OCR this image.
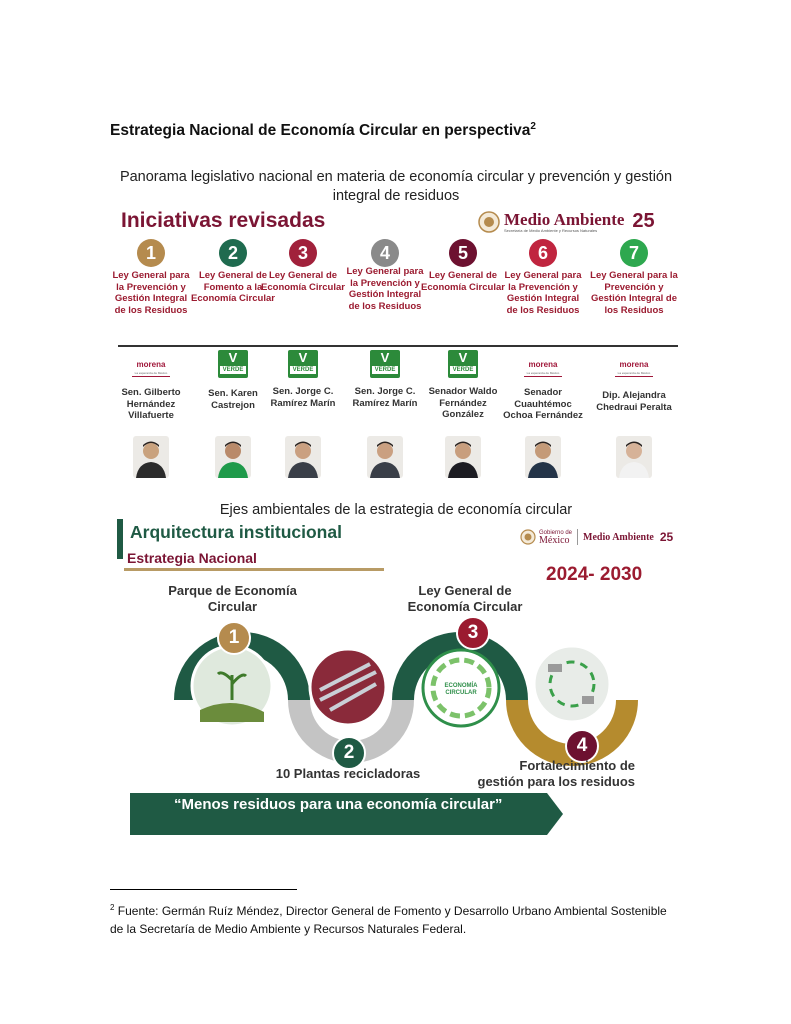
Estrategia Nacional de Economía Circular en perspectiva$^2$
Panorama legislativo nacional en materia de economía circular y prevención y gestión
integral de residuos
Iniciativas revisadas	Medio Ambiente
Secretaría de Medio Ambiente y Recursos Naturales	25
1
Ley General para la Prevención y Gestión Integral de los Residuos
morena
La esperanza de México
Sen. Gilberto Hernández Villafuerte
2
Ley General de Fomento a la Economía Circular
V
VERDE
Sen. Karen Castrejon
3
Ley General de Economía Circular
V
VERDE
Sen. Jorge C. Ramírez Marín
4
Ley General para la Prevención y Gestión Integral de los Residuos
V
VERDE
Sen. Jorge C. Ramírez Marín
5
Ley General de Economía Circular
V
VERDE
Senador Waldo Fernández González
6
Ley General para la Prevención y Gestión Integral de los Residuos
morena
La esperanza de México
Senador Cuauhtémoc Ochoa Fernández
7
Ley General para la Prevención y Gestión Integral de los Residuos
morena
La esperanza de México
Dip. Alejandra Chedraui Peralta
Ejes ambientales de la estrategia de economía circular
Arquitectura institucional
Estrategia Nacional
Gobierno de
México Medio Ambiente 25
2024- 2030
1
2
3
4
ECONOMÍA
CIRCULAR
Parque de Economía
Circular
10 Plantas recicladoras
Ley General de
Economía Circular
Fortalecimiento de
gestión para los residuos
“Menos residuos para una economía circular”
$^2$ Fuente: Germán Ruíz Méndez, Director General de Fomento y Desarrollo Urbano Ambiental Sostenible de la Secretaría de Medio Ambiente y Recursos Naturales Federal.
